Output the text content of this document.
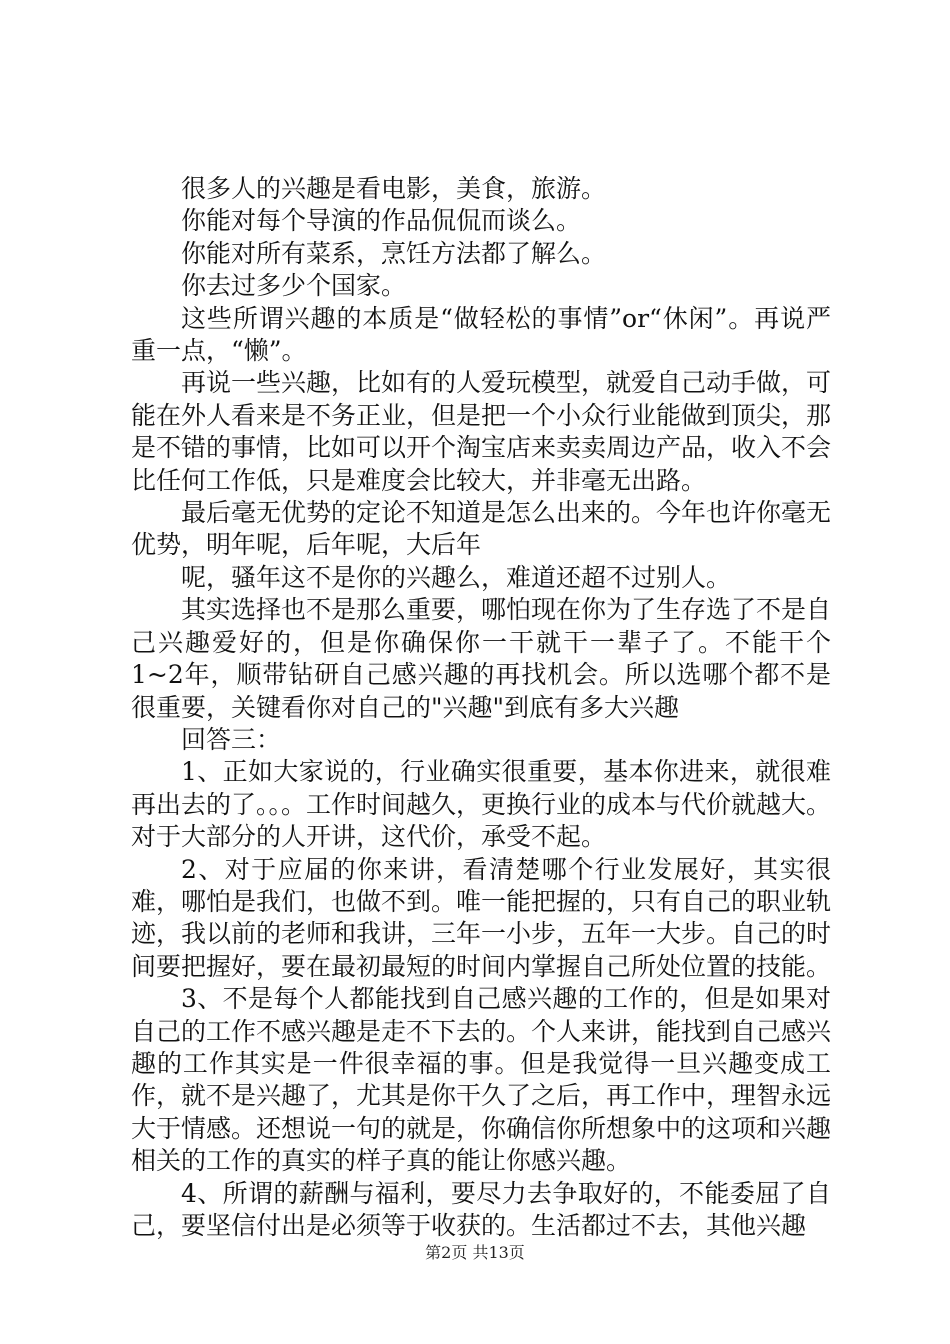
很多人的兴趣是看电影，美食，旅游。

你能对每个导演的作品侃侃而谈么。

你能对所有菜系，烹饪方法都了解么。

你去过多少个国家。

这些所谓兴趣的本质是“做轻松的事情”or“休闲”。再说严重一点，“懒”。

再说一些兴趣，比如有的人爱玩模型，就爱自己动手做，可能在外人看来是不务正业，但是把一个小众行业能做到顶尖，那是不错的事情，比如可以开个淘宝店来卖卖周边产品，收入不会比任何工作低，只是难度会比较大，并非毫无出路。

最后毫无优势的定论不知道是怎么出来的。今年也许你毫无优势，明年呢，后年呢，大后年

呢，骚年这不是你的兴趣么，难道还超不过别人。

其实选择也不是那么重要，哪怕现在你为了生存选了不是自己兴趣爱好的，但是你确保你一干就干一辈子了。不能干个1~2年，顺带钻研自己感兴趣的再找机会。所以选哪个都不是很重要，关键看你对自己的"兴趣"到底有多大兴趣

回答三：

1、正如大家说的，行业确实很重要，基本你进来，就很难再出去的了。。。工作时间越久，更换行业的成本与代价就越大。对于大部分的人开讲，这代价，承受不起。

2、对于应届的你来讲，看清楚哪个行业发展好，其实很难，哪怕是我们，也做不到。唯一能把握的，只有自己的职业轨迹，我以前的老师和我讲，三年一小步，五年一大步。自己的时间要把握好，要在最初最短的时间内掌握自己所处位置的技能。

3、不是每个人都能找到自己感兴趣的工作的，但是如果对自己的工作不感兴趣是走不下去的。个人来讲，能找到自己感兴趣的工作其实是一件很幸福的事。但是我觉得一旦兴趣变成工作，就不是兴趣了，尤其是你干久了之后，再工作中，理智永远大于情感。还想说一句的就是，你确信你所想象中的这项和兴趣相关的工作的真实的样子真的能让你感兴趣。

4、所谓的薪酬与福利，要尽力去争取好的，不能委屈了自己，要坚信付出是必须等于收获的。生活都过不去，其他兴趣

第2页 共13页
